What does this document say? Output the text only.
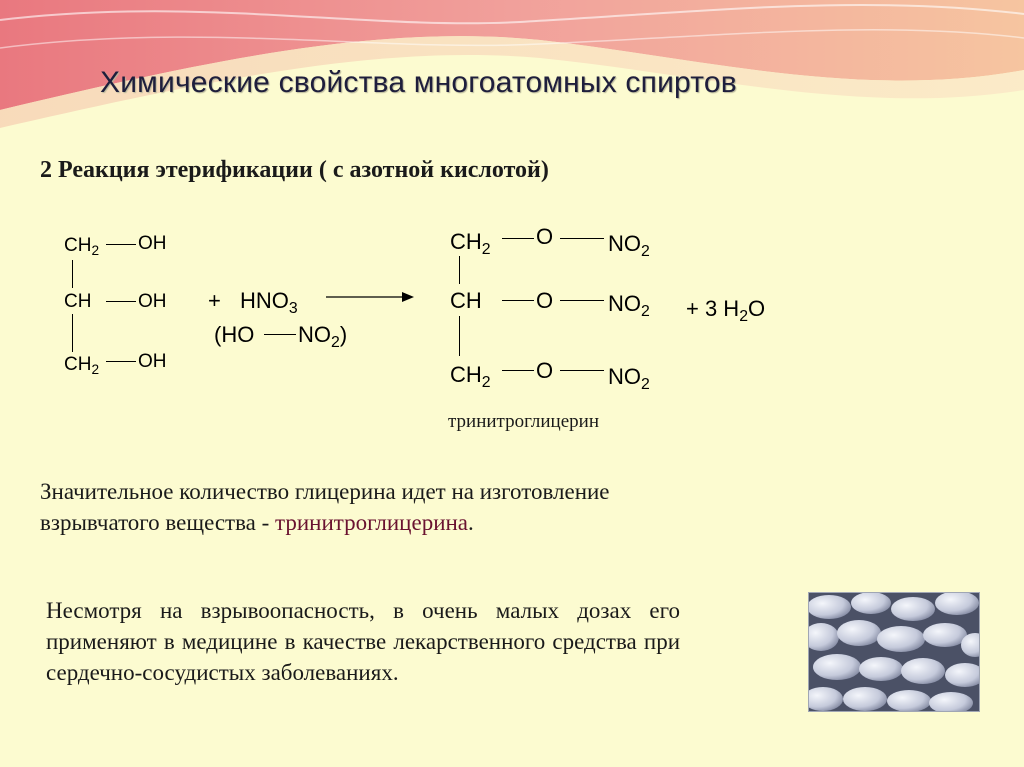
Химические свойства многоатомных спиртов
2 Реакция этерификации ( с азотной кислотой)
$CH_2$ OH
CH OH
$CH_2$ OH
+ $HNO_3$
(HO $NO_2$)
$CH_2$
O $NO_2$
CH O $NO_2$
$CH_2$ O $NO_2$
+ 3 $H_2O$
тринитроглицерин
Значительное количество глицерина идет на изготовление взрывчатого вещества - тринитроглицерина.
Несмотря на взрывоопасность, в очень малых дозах его применяют в медицине в качестве лекарственного средства при сердечно-сосудистых заболеваниях.
